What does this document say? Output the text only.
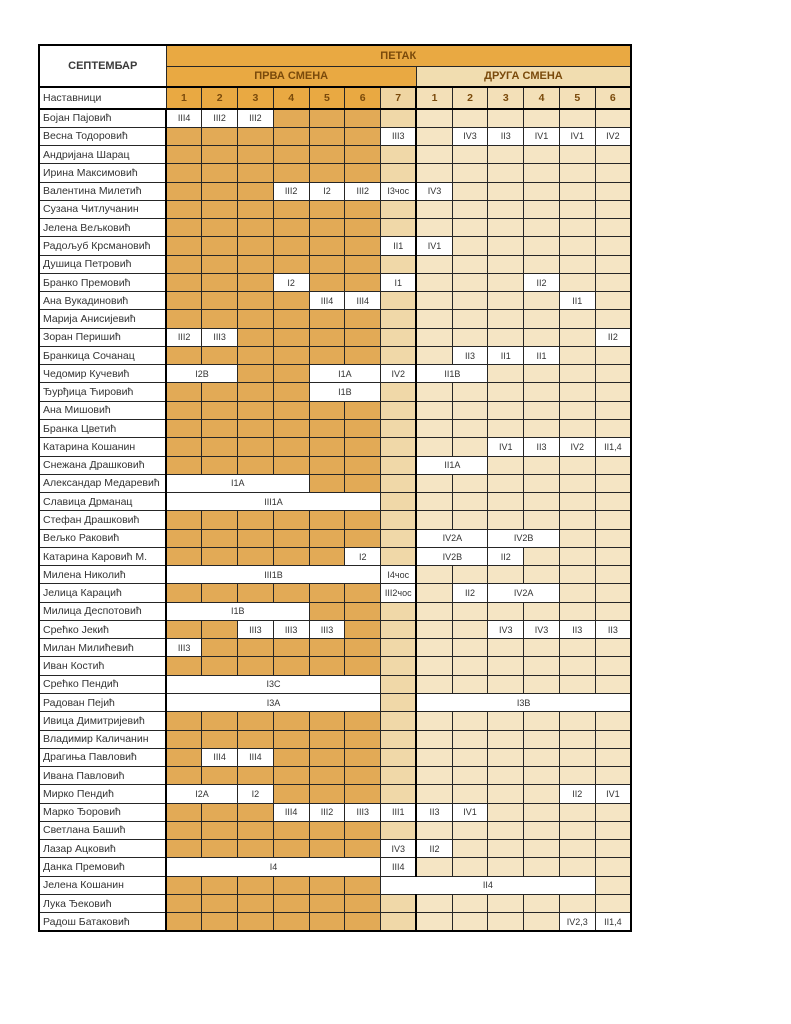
СЕПТЕМБАР	ПЕТАК												
	ПРВА СМЕНА							ДРУГА СМЕНА					
Наставници	1	2	3	4	5	6	7	1	2	3	4	5	6
Бојан Пајовић	III4	III2	III2										
Весна Тодоровић							III3		IV3	II3	IV1	IV1	IV2
Андријана Шарац													
Ирина Максимовић													
Валентина Милетић				III2	I2	III2	I3чос	IV3					
Сузана Читлучанин													
Јелена Вељковић													
Радољуб Крсмановић							II1	IV1					
Душица Петровић													
Бранко Премовић				I2			I1				II2		
Ана Вукадиновић					III4	III4						II1	
Марија Анисијевић													
Зоран Перишић	III2	III3											II2
Бранкица Сочанац									II3	II1	II1		
Чедомир Кучевић	I2B				I1A		IV2	II1B					
Ђурђица Ћировић					I1B								
Ана Мишовић													
Бранка Цветић													
Катарина Кошанин										IV1	II3	IV2	II1,4
Снежана Драшковић								II1A					
Александар Медаревић	I1A												
Славица Дрманац	III1A												
Стефан Драшковић													
Вељко Раковић								IV2A		IV2B			
Катарина Каровић М.						I2		IV2B		II2			
Милена Николић	III1B						I4чос						
Јелица Карацић							III2чос		II2	IV2A			
Милица Деспотовић	I1B												
Срећко Јекић			III3	III3	III3					IV3	IV3	II3	II3
Милан Милићевић	III3												
Иван Костић													
Срећко Пендић	I3C												
Радован Пејић	I3A							I3B					
Ивица Димитријевић													
Владимир Каличанин													
Драгиња Павловић		III4	III4										
Ивана Павловић													
Мирко Пендић	I2A		I2									II2	IV1
Марко Ђоровић				III4	III2	III3	III1	II3	IV1				
Светлана Башић													
Лазар Ацковић							IV3	II2					
Данка Премовић	I4						III4						
Јелена Кошанин							II4						
Лука Ђековић													
Радош Батаковић												IV2,3	II1,4
